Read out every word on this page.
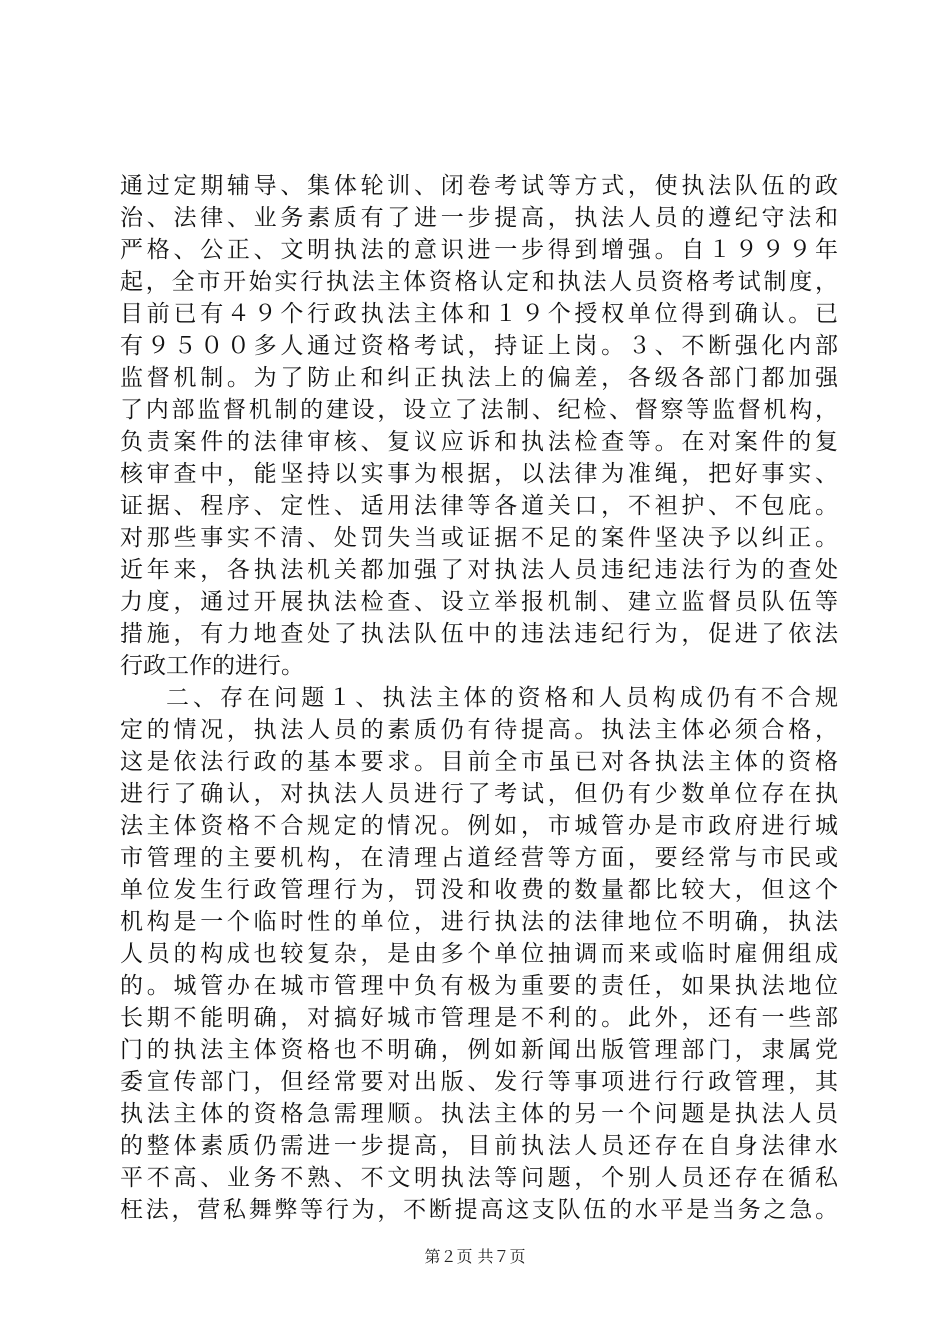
通过定期辅导、集体轮训、闭卷考试等方式，使执法队伍的政
治、法律、业务素质有了进一步提高，执法人员的遵纪守法和
严格、公正、文明执法的意识进一步得到增强。自１９９９年
起，全市开始实行执法主体资格认定和执法人员资格考试制度，
目前已有４９个行政执法主体和１９个授权单位得到确认。已
有９５００多人通过资格考试，持证上岗。３、不断强化内部
监督机制。为了防止和纠正执法上的偏差，各级各部门都加强
了内部监督机制的建设，设立了法制、纪检、督察等监督机构，
负责案件的法律审核、复议应诉和执法检查等。在对案件的复
核审查中，能坚持以实事为根据，以法律为准绳，把好事实、
证据、程序、定性、适用法律等各道关口，不袒护、不包庇。
对那些事实不清、处罚失当或证据不足的案件坚决予以纠正。
近年来，各执法机关都加强了对执法人员违纪违法行为的查处
力度，通过开展执法检查、设立举报机制、建立监督员队伍等
措施，有力地查处了执法队伍中的违法违纪行为，促进了依法
行政工作的进行。
二、存在问题１、执法主体的资格和人员构成仍有不合规
定的情况，执法人员的素质仍有待提高。执法主体必须合格，
这是依法行政的基本要求。目前全市虽已对各执法主体的资格
进行了确认，对执法人员进行了考试，但仍有少数单位存在执
法主体资格不合规定的情况。例如，市城管办是市政府进行城
市管理的主要机构，在清理占道经营等方面，要经常与市民或
单位发生行政管理行为，罚没和收费的数量都比较大，但这个
机构是一个临时性的单位，进行执法的法律地位不明确，执法
人员的构成也较复杂，是由多个单位抽调而来或临时雇佣组成
的。城管办在城市管理中负有极为重要的责任，如果执法地位
长期不能明确，对搞好城市管理是不利的。此外，还有一些部
门的执法主体资格也不明确，例如新闻出版管理部门，隶属党
委宣传部门，但经常要对出版、发行等事项进行行政管理，其
执法主体的资格急需理顺。执法主体的另一个问题是执法人员
的整体素质仍需进一步提高，目前执法人员还存在自身法律水
平不高、业务不熟、不文明执法等问题，个别人员还存在循私
枉法，营私舞弊等行为，不断提高这支队伍的水平是当务之急。
第２页 共７页
